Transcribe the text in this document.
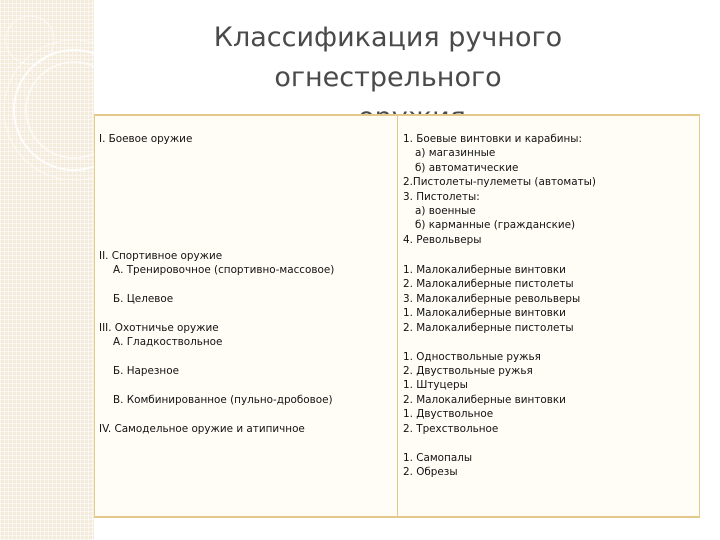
Классификация ручного огнестрельного

I. Боевое оружие

II. Спортивное оружие

А. Тренировочное (спортивно-массовое)

Б. Целевое

III. Охотничье оружие

А. Гладкоствольное

Б. Нарезное

В. Комбинированное (пульно-дробовое)

IV. Самодельное оружие и атипичное

1. Боевые винтовки и карабины:

а) магазинные

б) автоматические

2.Пистолеты-пулеметы (автоматы)

3. Пистолеты:

а) военные

б) карманные (гражданские)

4. Револьверы

1. Малокалиберные винтовки

2. Малокалиберные пистолеты

3. Малокалиберные револьверы

1. Малокалиберные винтовки

2. Малокалиберные пистолеты

1. Одноствольные ружья

2. Двуствольные ружья

1. Штуцеры

2. Малокалиберные винтовки

1. Двуствольное

2. Трехствольное

1. Самопалы

2. Обрезы
